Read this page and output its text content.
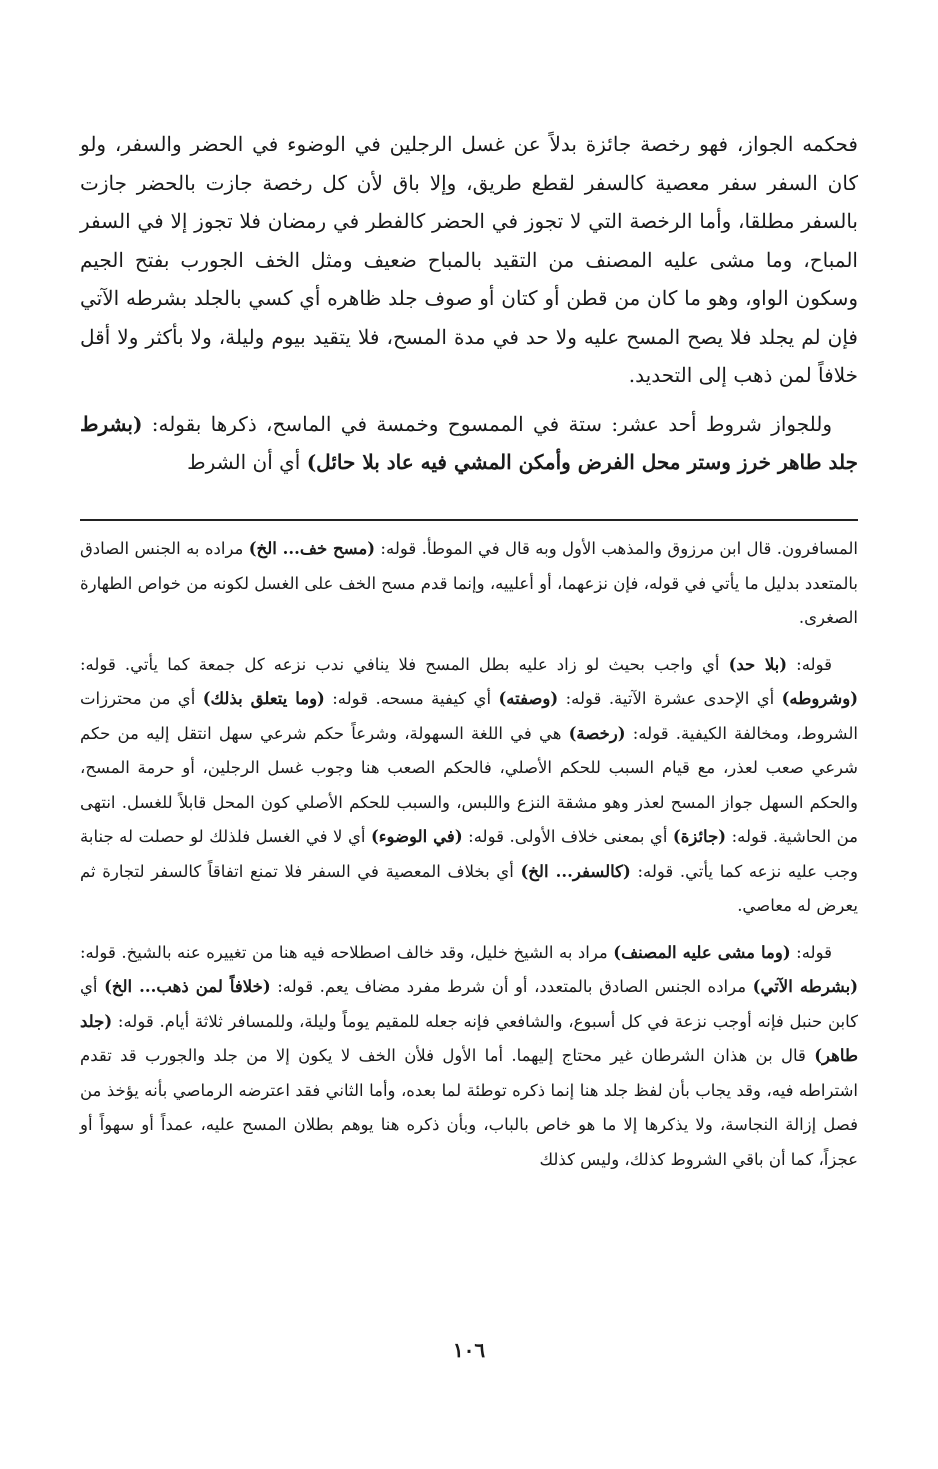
فحكمه الجواز، فهو رخصة جائزة بدلاً عن غسل الرجلين في الوضوء في الحضر والسفر، ولو كان السفر سفر معصية كالسفر لقطع طريق، وإلا باق لأن كل رخصة جازت بالحضر جازت بالسفر مطلقا، وأما الرخصة التي لا تجوز في الحضر كالفطر في رمضان فلا تجوز إلا في السفر المباح، وما مشى عليه المصنف من التقيد بالمباح ضعيف ومثل الخف الجورب بفتح الجيم وسكون الواو، وهو ما كان من قطن أو كتان أو صوف جلد ظاهره أي كسي بالجلد بشرطه الآتي فإن لم يجلد فلا يصح المسح عليه ولا حد في مدة المسح، فلا يتقيد بيوم وليلة، ولا بأكثر ولا أقل خلافاً لمن ذهب إلى التحديد.

وللجواز شروط أحد عشر: ستة في الممسوح وخمسة في الماسح، ذكرها بقوله: (بشرط جلد طاهر خرز وستر محل الفرض وأمكن المشي فيه عاد بلا حائل) أي أن الشرط

المسافرون. قال ابن مرزوق والمذهب الأول وبه قال في الموطأ. قوله: (مسح خف... الخ) مراده به الجنس الصادق بالمتعدد بدليل ما يأتي في قوله، فإن نزعهما، أو أعلييه، وإنما قدم مسح الخف على الغسل لكونه من خواص الطهارة الصغرى.

قوله: (بلا حد) أي واجب بحيث لو زاد عليه بطل المسح فلا ينافي ندب نزعه كل جمعة كما يأتي. قوله: (وشروطه) أي الإحدى عشرة الآتية. قوله: (وصفته) أي كيفية مسحه. قوله: (وما يتعلق بذلك) أي من محترزات الشروط، ومخالفة الكيفية. قوله: (رخصة) هي في اللغة السهولة، وشرعاً حكم شرعي سهل انتقل إليه من حكم شرعي صعب لعذر، مع قيام السبب للحكم الأصلي، فالحكم الصعب هنا وجوب غسل الرجلين، أو حرمة المسح، والحكم السهل جواز المسح لعذر وهو مشقة النزع واللبس، والسبب للحكم الأصلي كون المحل قابلاً للغسل. انتهى من الحاشية. قوله: (جائزة) أي بمعنى خلاف الأولى. قوله: (في الوضوء) أي لا في الغسل فلذلك لو حصلت له جنابة وجب عليه نزعه كما يأتي. قوله: (كالسفر... الخ) أي بخلاف المعصية في السفر فلا تمنع اتفاقاً كالسفر لتجارة ثم يعرض له معاصي.

قوله: (وما مشى عليه المصنف) مراد به الشيخ خليل، وقد خالف اصطلاحه فيه هنا من تغييره عنه بالشيخ. قوله: (بشرطه الآتي) مراده الجنس الصادق بالمتعدد، أو أن شرط مفرد مضاف يعم. قوله: (خلافاً لمن ذهب... الخ) أي كابن حنبل فإنه أوجب نزعة في كل أسبوع، والشافعي فإنه جعله للمقيم يوماً وليلة، وللمسافر ثلاثة أيام. قوله: (جلد طاهر) قال بن هذان الشرطان غير محتاج إليهما. أما الأول فلأن الخف لا يكون إلا من جلد والجورب قد تقدم اشتراطه فيه، وقد يجاب بأن لفظ جلد هنا إنما ذكره توطئة لما بعده، وأما الثاني فقد اعترضه الرماصي بأنه يؤخذ من فصل إزالة النجاسة، ولا يذكرها إلا ما هو خاص بالباب، وبأن ذكره هنا يوهم بطلان المسح عليه، عمداً أو سهواً أو عجزاً، كما أن باقي الشروط كذلك، وليس كذلك

١٠٦
